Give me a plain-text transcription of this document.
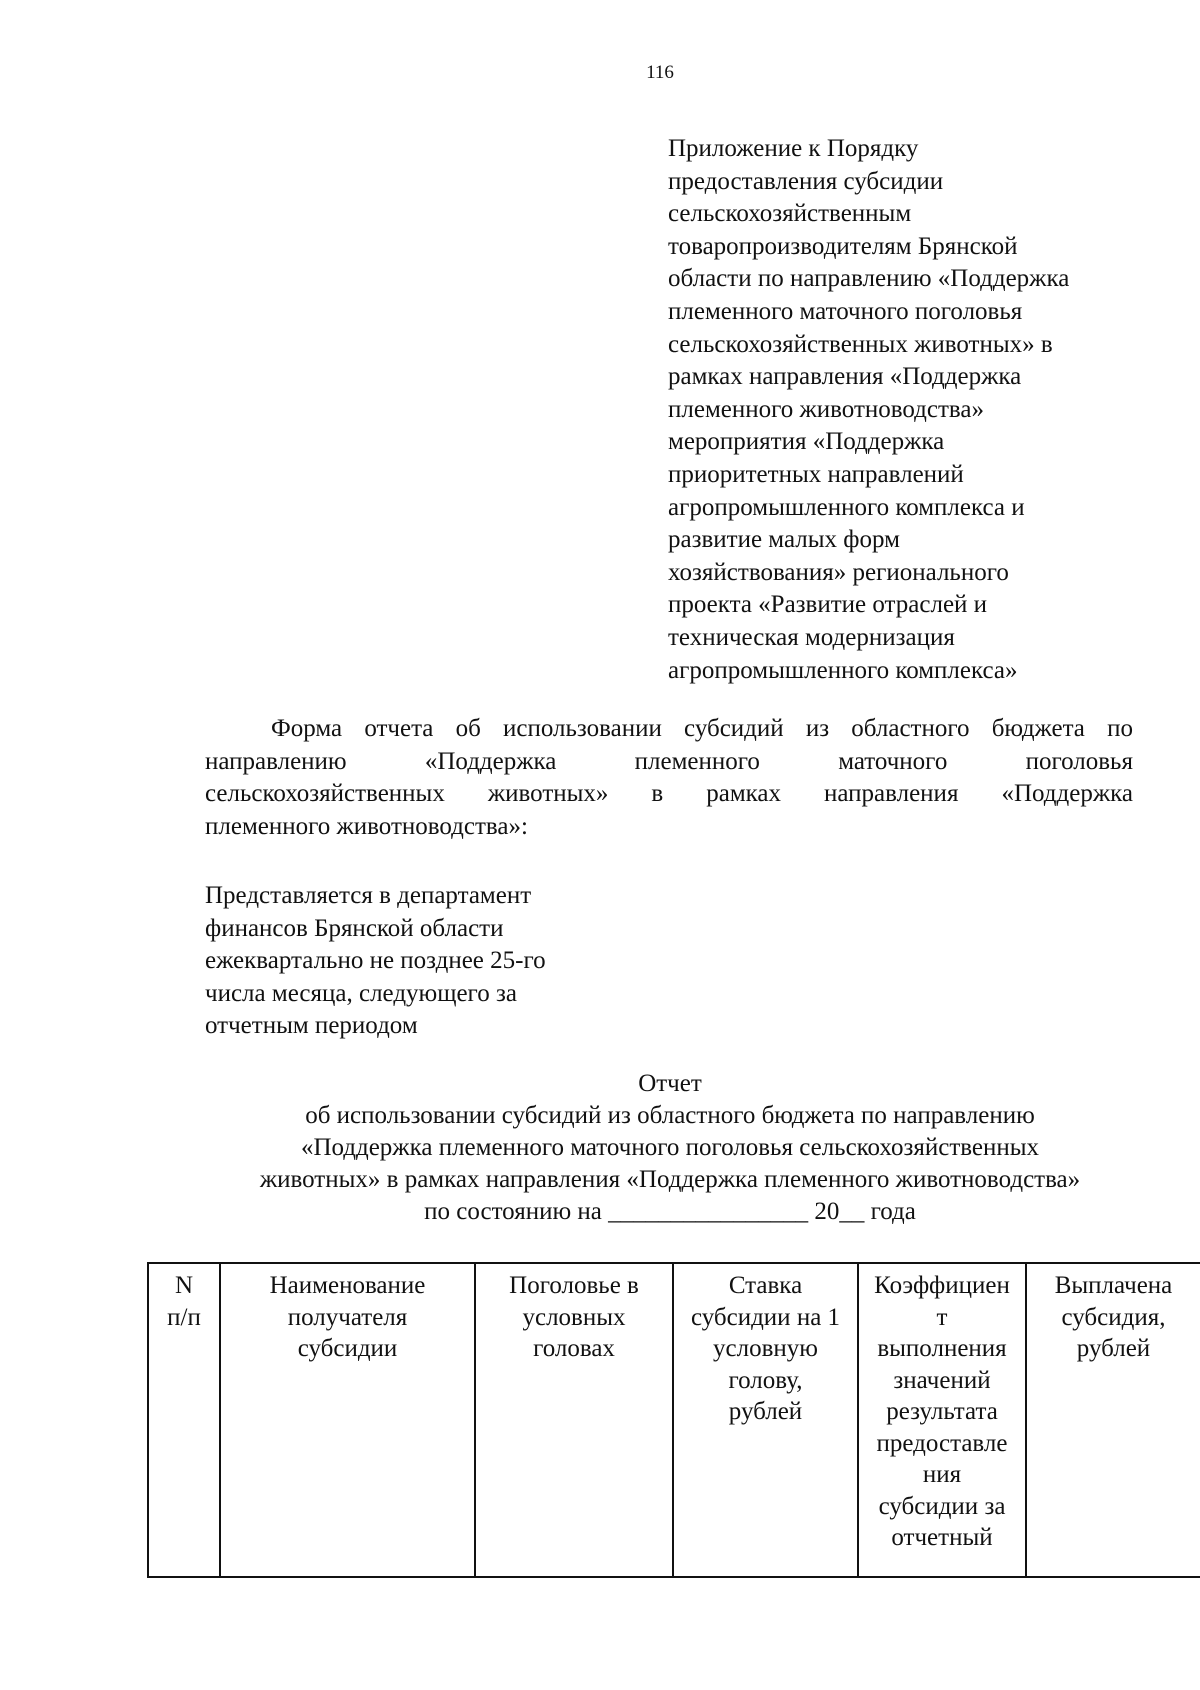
116
Приложение к Порядку
предоставления субсидии
сельскохозяйственным
товаропроизводителям Брянской
области по направлению «Поддержка
племенного маточного поголовья
сельскохозяйственных животных» в
рамках направления «Поддержка
племенного животноводства»
мероприятия «Поддержка
приоритетных направлений
агропромышленного комплекса и
развитие малых форм
хозяйствования» регионального
проекта «Развитие отраслей и
техническая модернизация
агропромышленного комплекса»
Форма отчета об использовании субсидий из областного бюджета по
направлению	«Поддержка	племенного	маточного	поголовья
сельскохозяйственных животных» в рамках направления «Поддержка
племенного животноводства»:
Представляется в департамент
финансов Брянской области
ежеквартально не позднее 25-го
числа месяца, следующего за
отчетным периодом
Отчет
об использовании субсидий из областного бюджета по направлению
«Поддержка племенного маточного поголовья сельскохозяйственных
животных» в рамках направления «Поддержка племенного животноводства»
по состоянию на ________________ 20__ года
N
п/п

Наименование
получателя
субсидии

Поголовье в
условных
головах

Ставка
субсидии на 1
условную
голову,
рублей

Коэффициен
т
выполнения
значений
результата
предоставле
ния
субсидии за
отчетный

Выплачена
субсидия,
рублей
